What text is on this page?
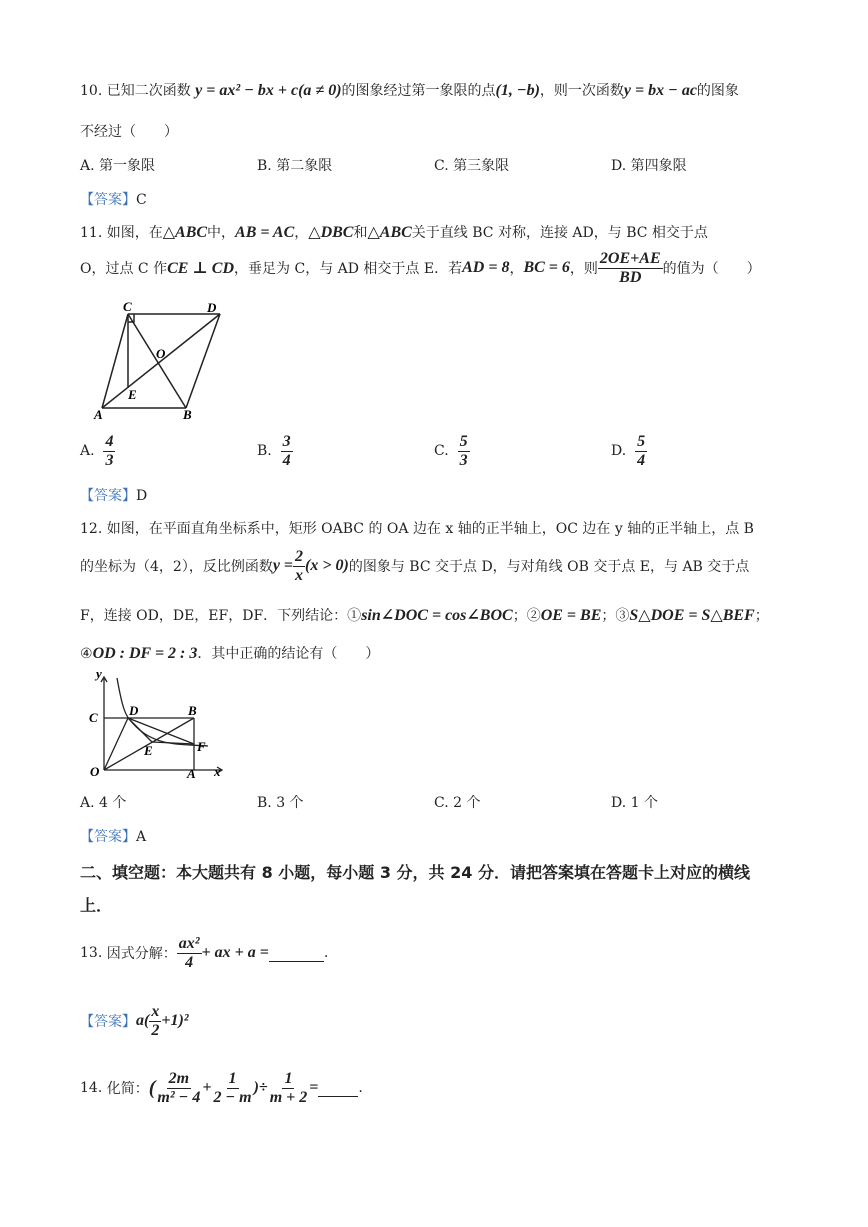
10. 已知二次函数 y = ax² − bx + c(a ≠ 0)的图象经过第一象限的点(1, −b)，则一次函数y = bx − ac的图象
不经过（　　）
A. 第一象限	B. 第二象限	C. 第三象限	D. 第四象限
【答案】C
11. 如图，在△ABC中，AB = AC，△DBC和△ABC关于直线 BC 对称，连接 AD，与 BC 相交于点
O，过点 C 作 CE ⊥ CD ，垂足为 C，与 AD 相交于点 E．若 AD = 8 ， BC = 6 ，则 $\frac{2OE+AE}{BD}$ 的值为（　　）
C	D
O
E
A	B
A.
$\frac{4}{3}$	B.
$\frac{3}{4}$	C.
$\frac{5}{3}$	D.
$\frac{5}{4}$
【答案】D
12. 如图，在平面直角坐标系中，矩形 OABC 的 OA 边在 x 轴的正半轴上，OC 边在 y 轴的正半轴上，点 B
的坐标为（4，2），反比例函数 $y = \frac{2}{x} (x > 0)$ 的图象与 BC 交于点 D，与对角线 OB 交于点 E，与 AB 交于点
F，连接 OD，DE，EF，DF．下列结论：①sin∠DOC = cos∠BOC；②OE = BE；③S△DOE = S△BEF；
④OD : DF = 2 : 3．其中正确的结论有（　　）
y
x
C D	B
E	F
O	A
A. 4 个	B. 3 个	C. 2 个	D. 1 个
【答案】A
二、填空题：本大题共有 8 小题，每小题 3 分，共 24 分．请把答案填在答题卡上对应的横线
上．
13.
因式分解： $\frac{\text{ax²}}{4}$ + ax + a =	.
【答案】 $a( \frac{x}{2} +1)^2$
14.
化简： ( $\frac{2m}{\text{m² − 4}} + \frac{1}{2 - m}$ )÷ $\frac{1}{m + 2}$ =	.
